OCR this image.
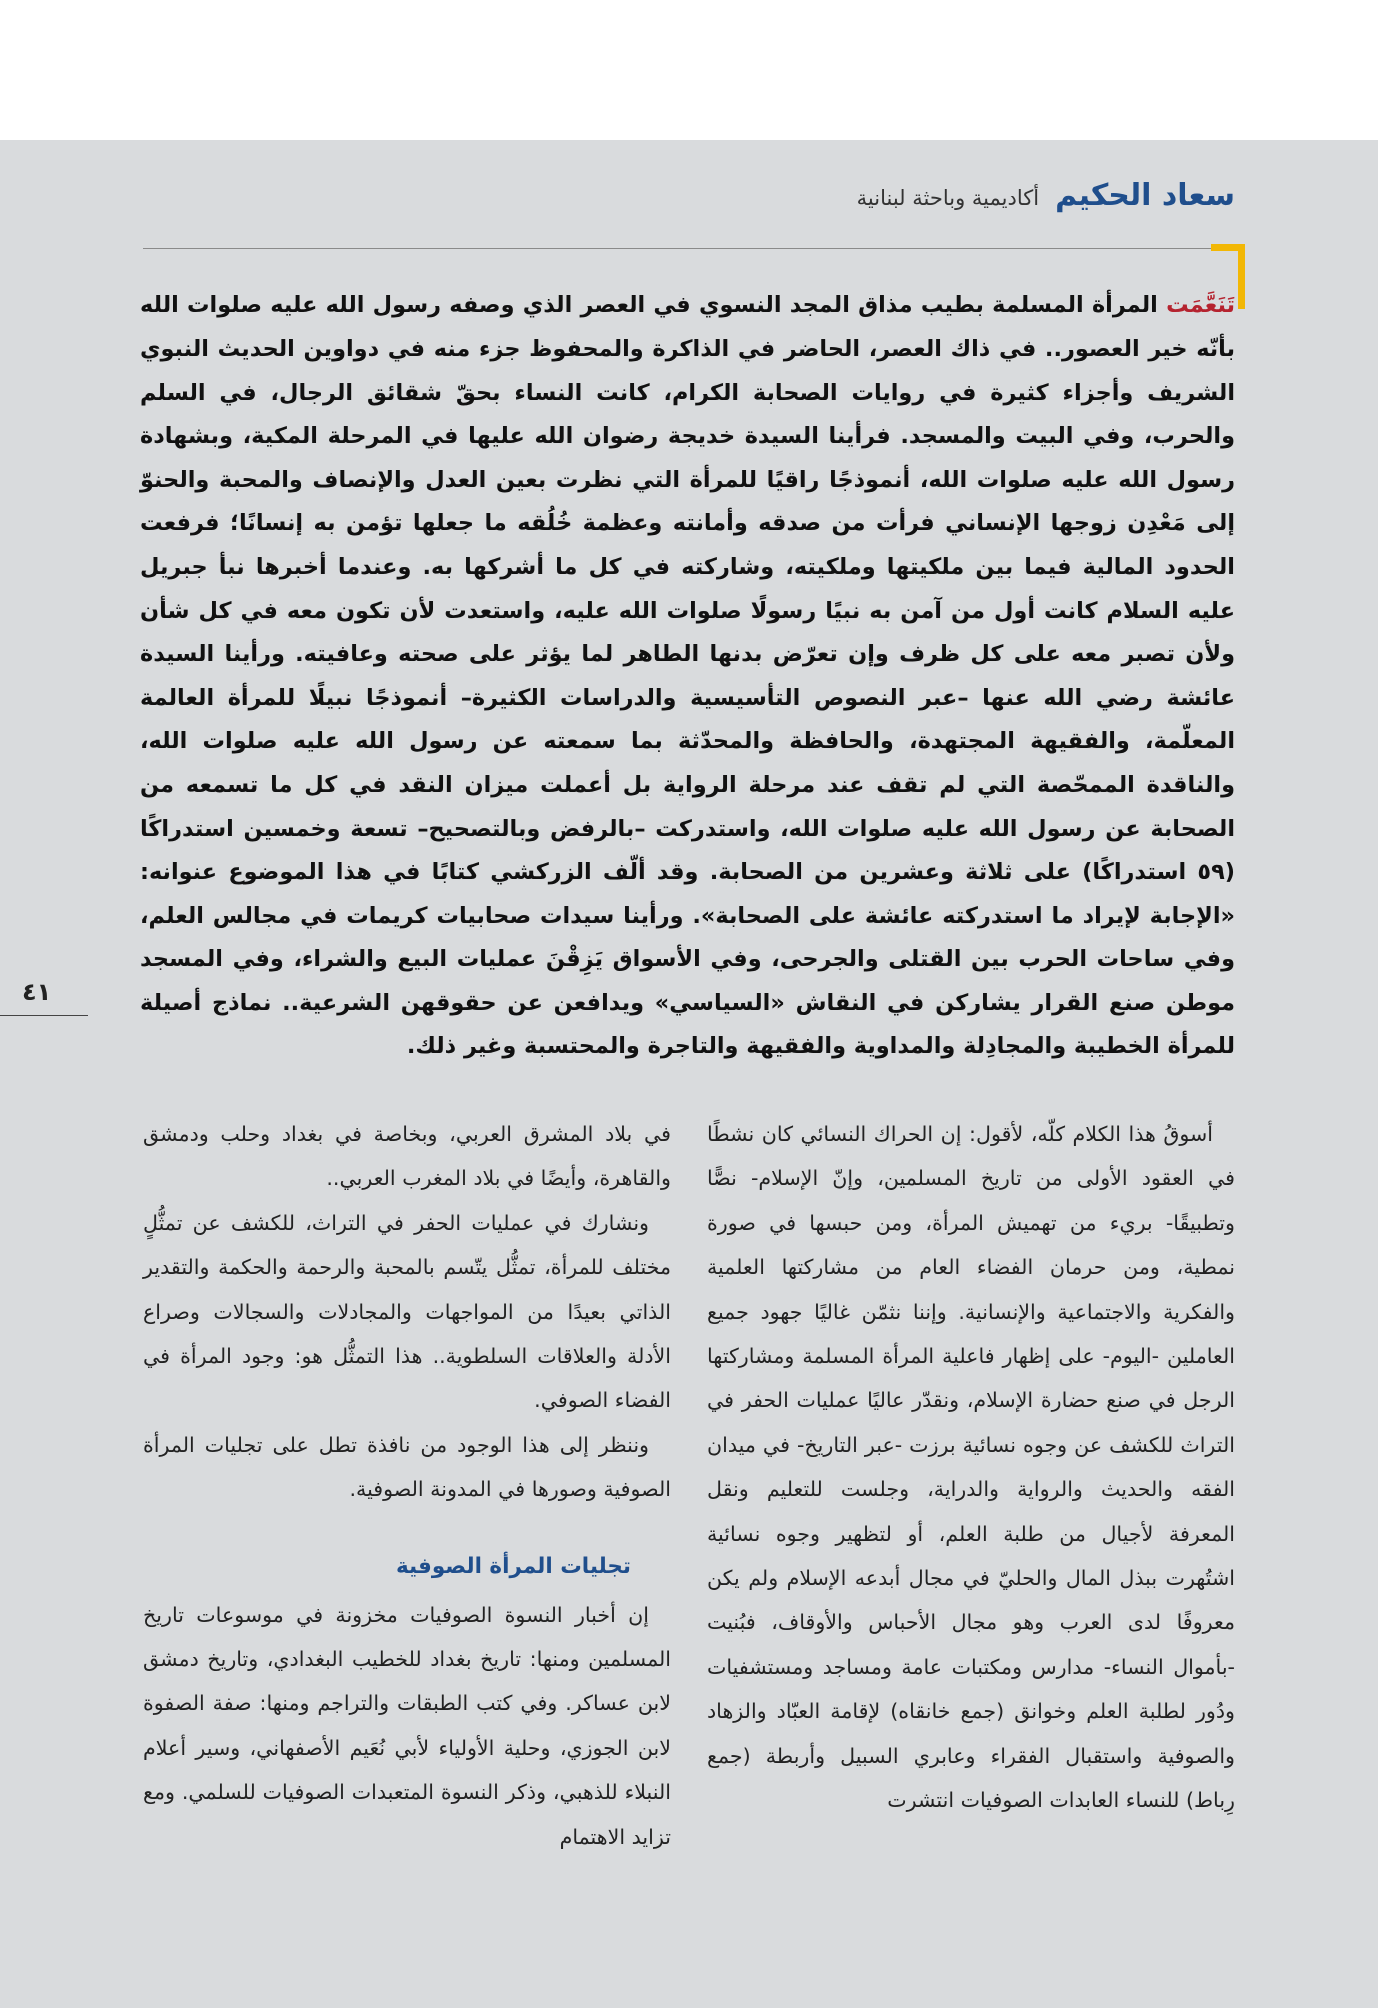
سعاد الحكيم
أكاديمية وباحثة لبنانية

تَنَعَّمَت المرأة المسلمة بطيب مذاق المجد النسوي في العصر الذي وصفه رسول الله عليه صلوات الله بأنّه خير العصور.. في ذاك العصر، الحاضر في الذاكرة والمحفوظ جزء منه في دواوين الحديث النبوي الشريف وأجزاء كثيرة في روايات الصحابة الكرام، كانت النساء بحقّ شقائق الرجال، في السلم والحرب، وفي البيت والمسجد. فرأينا السيدة خديجة رضوان الله عليها في المرحلة المكية، وبشهادة رسول الله عليه صلوات الله، أنموذجًا راقيًا للمرأة التي نظرت بعين العدل والإنصاف والمحبة والحنوّ إلى مَعْدِن زوجها الإنساني فرأت من صدقه وأمانته وعظمة خُلُقه ما جعلها تؤمن به إنسانًا؛ فرفعت الحدود المالية فيما بين ملكيتها وملكيته، وشاركته في كل ما أشركها به. وعندما أخبرها نبأ جبريل عليه السلام كانت أول من آمن به نبيًا رسولًا صلوات الله عليه، واستعدت لأن تكون معه في كل شأن ولأن تصبر معه على كل ظرف وإن تعرّض بدنها الطاهر لما يؤثر على صحته وعافيته. ورأينا السيدة عائشة رضي الله عنها –عبر النصوص التأسيسية والدراسات الكثيرة– أنموذجًا نبيلًا للمرأة العالمة المعلّمة، والفقيهة المجتهدة، والحافظة والمحدّثة بما سمعته عن رسول الله عليه صلوات الله، والناقدة الممحّصة التي لم تقف عند مرحلة الرواية بل أعملت ميزان النقد في كل ما تسمعه من الصحابة عن رسول الله عليه صلوات الله، واستدركت –بالرفض وبالتصحيح– تسعة وخمسين استدراكًا (٥٩ استدراكًا) على ثلاثة وعشرين من الصحابة. وقد ألّف الزركشي كتابًا في هذا الموضوع عنوانه: «الإجابة لإيراد ما استدركته عائشة على الصحابة». ورأينا سيدات صحابيات كريمات في مجالس العلم، وفي ساحات الحرب بين القتلى والجرحى، وفي الأسواق يَزِقْنَ عمليات البيع والشراء، وفي المسجد موطن صنع القرار يشاركن في النقاش «السياسي» ويدافعن عن حقوقهن الشرعية.. نماذج أصيلة للمرأة الخطيبة والمجادِلة والمداوية والفقيهة والتاجرة والمحتسبة وغير ذلك.

٤١

أسوقُ هذا الكلام كلّه، لأقول: إن الحراك النسائي كان نشطًا في العقود الأولى من تاريخ المسلمين، وإنّ الإسلام- نصًّا وتطبيقًا- بريء من تهميش المرأة، ومن حبسها في صورة نمطية، ومن حرمان الفضاء العام من مشاركتها العلمية والفكرية والاجتماعية والإنسانية. وإننا نثمّن غاليًا جهود جميع العاملين -اليوم- على إظهار فاعلية المرأة المسلمة ومشاركتها الرجل في صنع حضارة الإسلام، ونقدّر عاليًا عمليات الحفر في التراث للكشف عن وجوه نسائية برزت -عبر التاريخ- في ميدان الفقه والحديث والرواية والدراية، وجلست للتعليم ونقل المعرفة لأجيال من طلبة العلم، أو لتظهير وجوه نسائية اشتُهرت ببذل المال والحليّ في مجال أبدعه الإسلام ولم يكن معروفًا لدى العرب وهو مجال الأحباس والأوقاف، فبُنيت -بأموال النساء- مدارس ومكتبات عامة ومساجد ومستشفيات ودُور لطلبة العلم وخوانق (جمع خانقاه) لإقامة العبّاد والزهاد والصوفية واستقبال الفقراء وعابري السبيل وأربطة (جمع رِباط) للنساء العابدات الصوفيات انتشرت

في بلاد المشرق العربي، وبخاصة في بغداد وحلب ودمشق والقاهرة، وأيضًا في بلاد المغرب العربي..

ونشارك في عمليات الحفر في التراث، للكشف عن تمثُّلٍ مختلف للمرأة، تمثُّل يتّسم بالمحبة والرحمة والحكمة والتقدير الذاتي بعيدًا من المواجهات والمجادلات والسجالات وصراع الأدلة والعلاقات السلطوية.. هذا التمثُّل هو: وجود المرأة في الفضاء الصوفي.

وننظر إلى هذا الوجود من نافذة تطل على تجليات المرأة الصوفية وصورها في المدونة الصوفية.

تجليات المرأة الصوفية

إن أخبار النسوة الصوفيات مخزونة في موسوعات تاريخ المسلمين ومنها: تاريخ بغداد للخطيب البغدادي، وتاريخ دمشق لابن عساكر. وفي كتب الطبقات والتراجم ومنها: صفة الصفوة لابن الجوزي، وحلية الأولياء لأبي نُعَيم الأصفهاني، وسير أعلام النبلاء للذهبي، وذكر النسوة المتعبدات الصوفيات للسلمي. ومع تزايد الاهتمام
